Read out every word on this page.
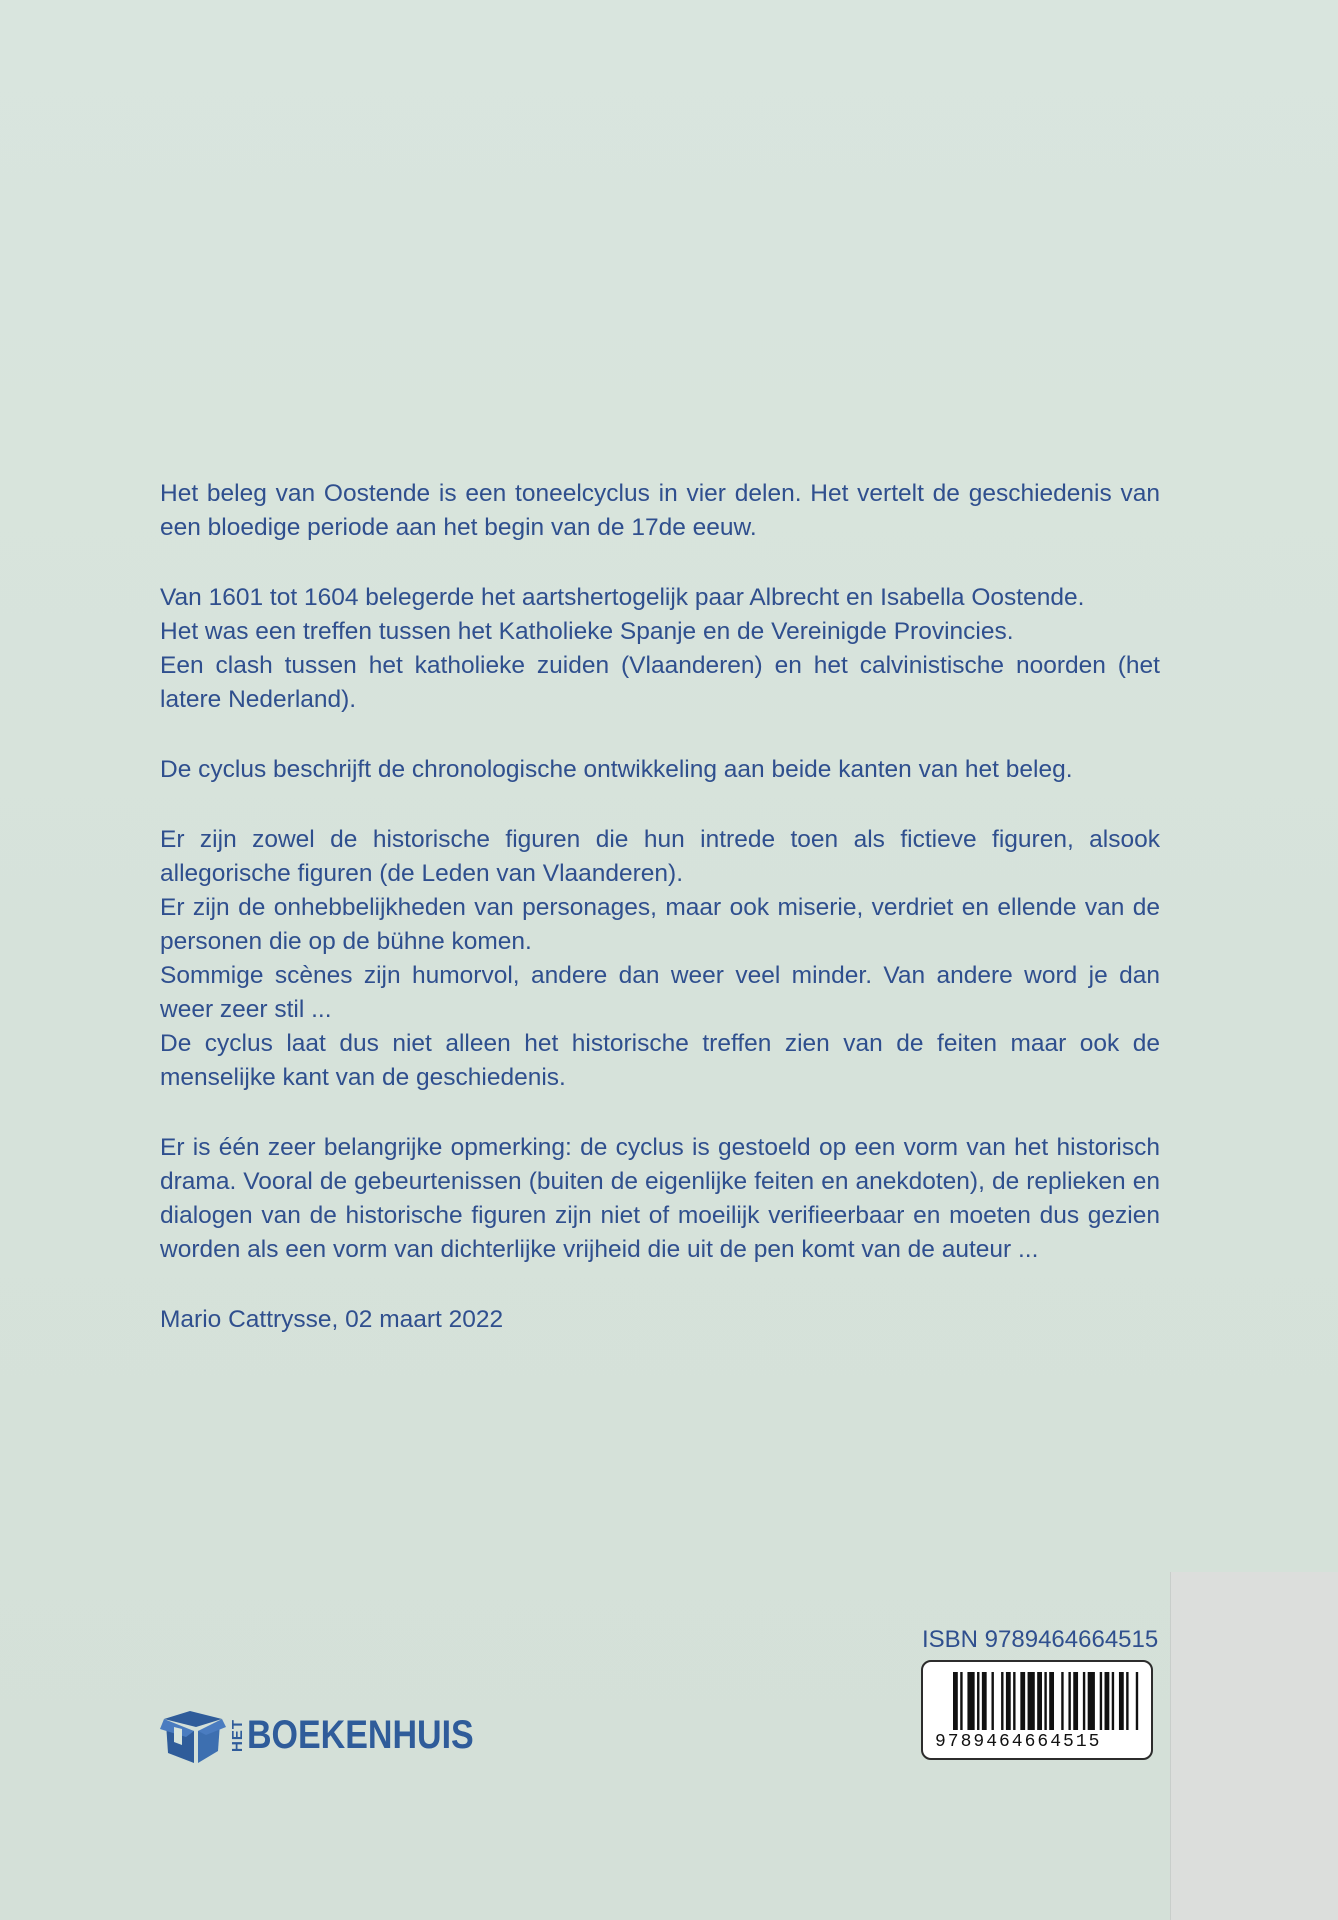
Het beleg van Oostende is een toneelcyclus in vier delen. Het vertelt de geschiedenis van een bloedige periode aan het begin van de 17de eeuw.

Van 1601 tot 1604 belegerde het aartshertogelijk paar Albrecht en Isabella Oostende.
Het was een treffen tussen het Katholieke Spanje en de Vereinigde Provincies.
Een clash tussen het katholieke zuiden (Vlaanderen) en het calvinistische noorden (het latere Nederland).

De cyclus beschrijft de chronologische ontwikkeling aan beide kanten van het beleg.

Er zijn zowel de historische figuren die hun intrede toen als fictieve figuren, alsook allegorische figuren (de Leden van Vlaanderen).
Er zijn de onhebbelijkheden van personages, maar ook miserie, verdriet en ellende van de personen die op de bühne komen.
Sommige scènes zijn humorvol, andere dan weer veel minder. Van andere word je dan weer zeer stil ...
De cyclus laat dus niet alleen het historische treffen zien van de feiten maar ook de menselijke kant van de geschiedenis.

Er is één zeer belangrijke opmerking: de cyclus is gestoeld op een vorm van het historisch drama. Vooral de gebeurtenissen (buiten de eigenlijke feiten en anekdoten), de replieken en dialogen van de historische figuren zijn niet of moeilijk verifieerbaar en moeten dus gezien worden als een vorm van dichterlijke vrijheid die uit de pen komt van de auteur ...

Mario Cattrysse, 02 maart 2022

ISBN 9789464664515
9789464664515
HET BOEKENHUIS
